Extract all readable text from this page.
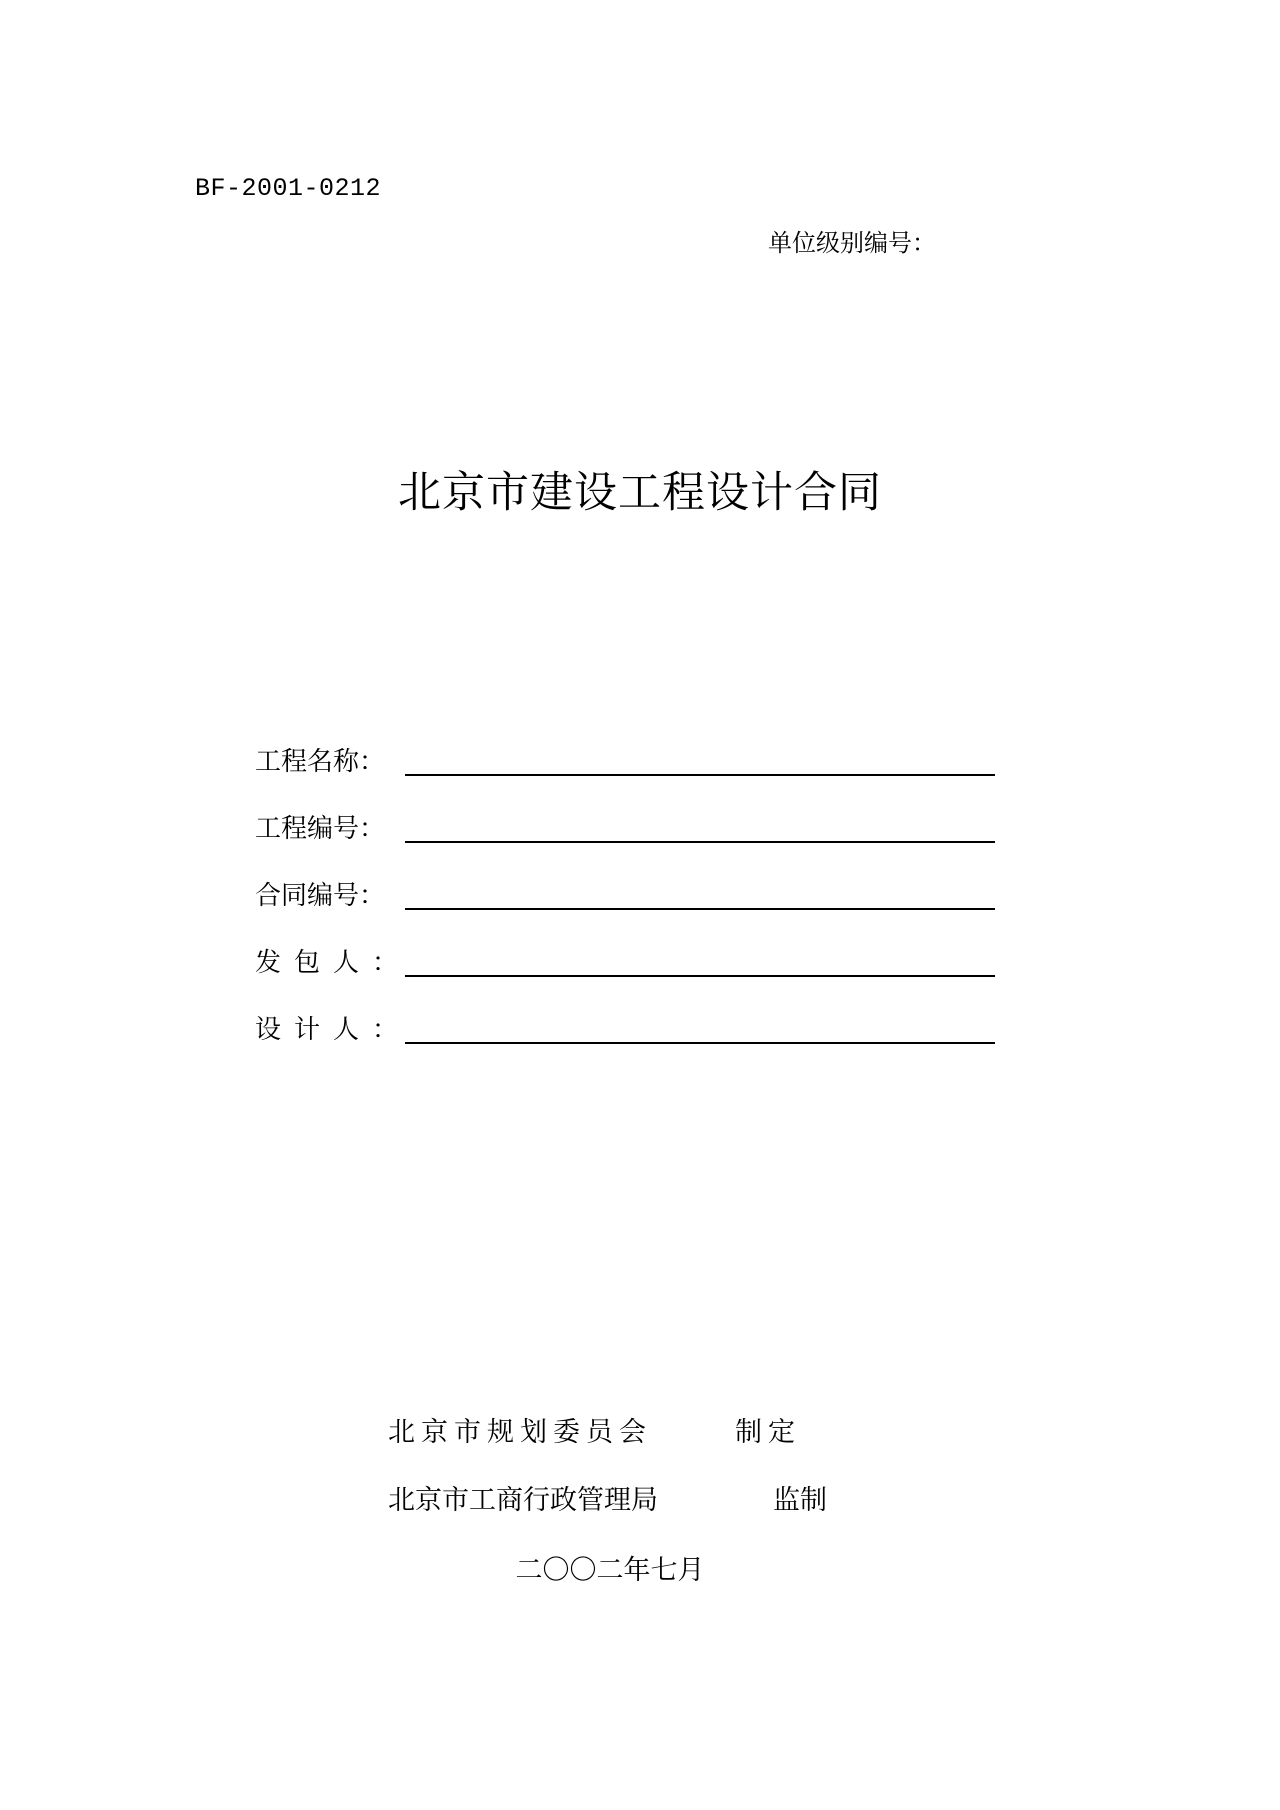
BF-2001-0212
单位级别编号：
北京市建设工程设计合同
工程名称：
工程编号：
合同编号：
发包人：
设计人：
北京市规划委员会	制定
北京市工商行政管理局	监制
二〇〇二年七月
